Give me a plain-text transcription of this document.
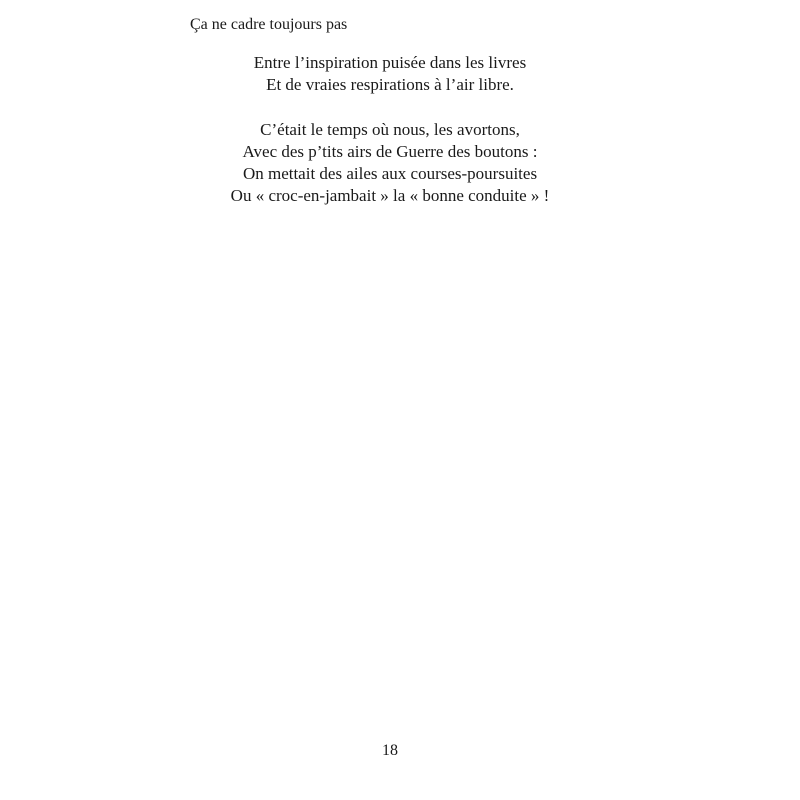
Ça ne cadre toujours pas
Entre l’inspiration puisée dans les livres
Et de vraies respirations à l’air libre.
C’était le temps où nous, les avortons,
Avec des p’tits airs de Guerre des boutons :
On mettait des ailes aux courses-poursuites
Ou « croc-en-jambait » la « bonne conduite » !
18
